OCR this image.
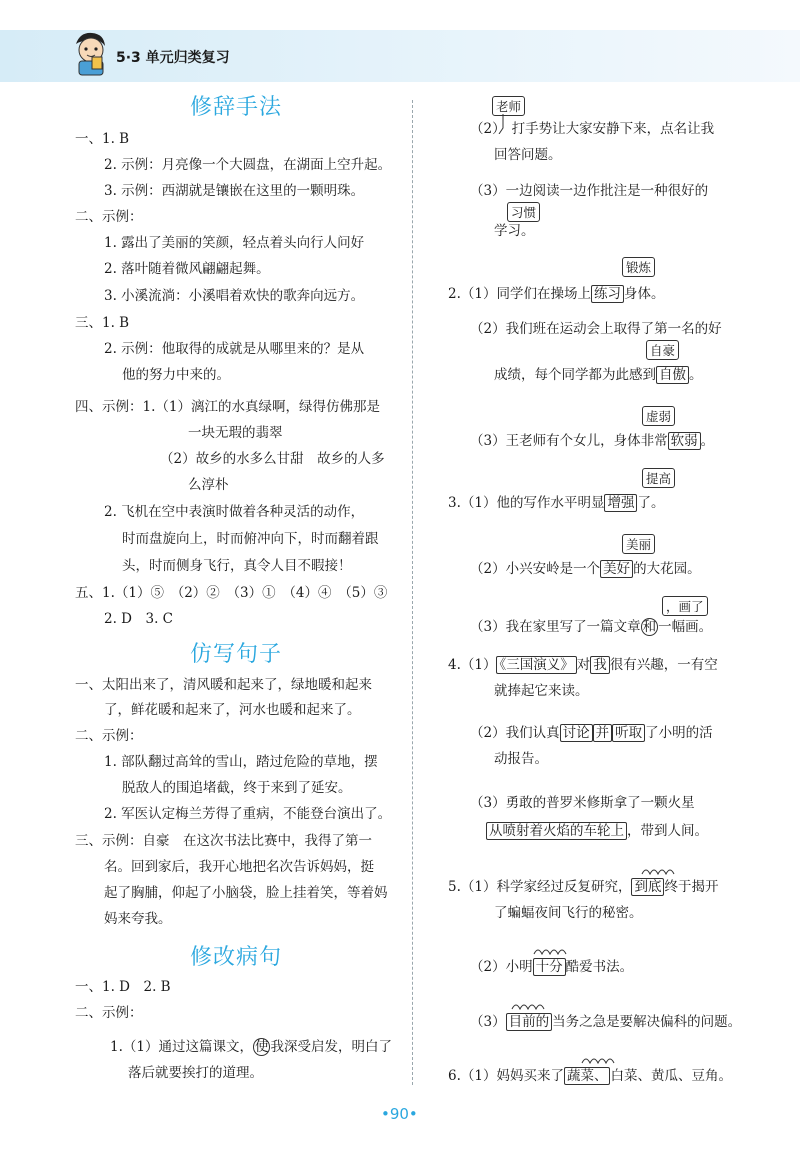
5·3 单元归类复习
修辞手法
一、1. B
2. 示例：月亮像一个大圆盘，在湖面上空升起。
3. 示例：西湖就是镶嵌在这里的一颗明珠。
二、示例：
1. 露出了美丽的笑颜，轻点着头向行人问好
2. 落叶随着微风翩翩起舞。
3. 小溪流淌：小溪唱着欢快的歌奔向远方。
三、1. B
2. 示例：他取得的成就是从哪里来的？是从
他的努力中来的。
四、示例：1.（1）漓江的水真绿啊，绿得仿佛那是
一块无瑕的翡翠
（2）故乡的水多么甘甜　故乡的人多
么淳朴
2. 飞机在空中表演时做着各种灵活的动作，
时而盘旋向上，时而俯冲向下，时而翻着跟
头，时而侧身飞行，真令人目不暇接！
五、1.（1）⑤　（2）②　（3）①　（4）④　（5）③
2. D　3. C
仿写句子
一、太阳出来了，清风暖和起来了，绿地暖和起来
了，鲜花暖和起来了，河水也暖和起来了。
二、示例：
1. 部队翻过高耸的雪山，踏过危险的草地，摆
脱敌人的围追堵截，终于来到了延安。
2. 军医认定梅兰芳得了重病，不能登台演出了。
三、示例：自豪　在这次书法比赛中，我得了第一
名。回到家后，我开心地把名次告诉妈妈，挺
起了胸脯，仰起了小脑袋，脸上挂着笑，等着妈
妈来夸我。
修改病句
一、1. D　2. B
二、示例：
1.（1）通过这篇课文， 使 我深受启发，明白了
落后就要挨打的道理。
老师
（2） 打手势让大家安静下来，点名让我
回答问题。
（3）一边阅读一边作批注是一种很好的
习惯
学习。
锻炼
2.（1）同学们在操场上 练习 身体。
（2）我们班在运动会上取得了第一名的好
自豪
成绩，每个同学都为此感到 自傲 。
虚弱
（3）王老师有个女儿，身体非常 软弱 。
提高
3.（1）他的写作水平明显 增强 了。
美丽
（2）小兴安岭是一个 美好 的大花园。
，画了
（3）我在家里写了一篇文章 和 一幅画。
4.（1） 《三国演义》 对 我 很有兴趣，一有空
就捧起它来读。
（2）我们认真 讨论 并 听取 了小明的活
动报告。
（3）勇敢的普罗米修斯拿了一颗火星
从喷射着火焰的车轮上 ，带到人间。
5.（1）科学家经过反复研究， 到底 终于揭开
了蝙蝠夜间飞行的秘密。
（2）小明 十分 酷爱书法。
（3） 目前的 当务之急是要解决偏科的问题。
6.（1）妈妈买来了 蔬菜、 白菜、黄瓜、豆角。
•90•
